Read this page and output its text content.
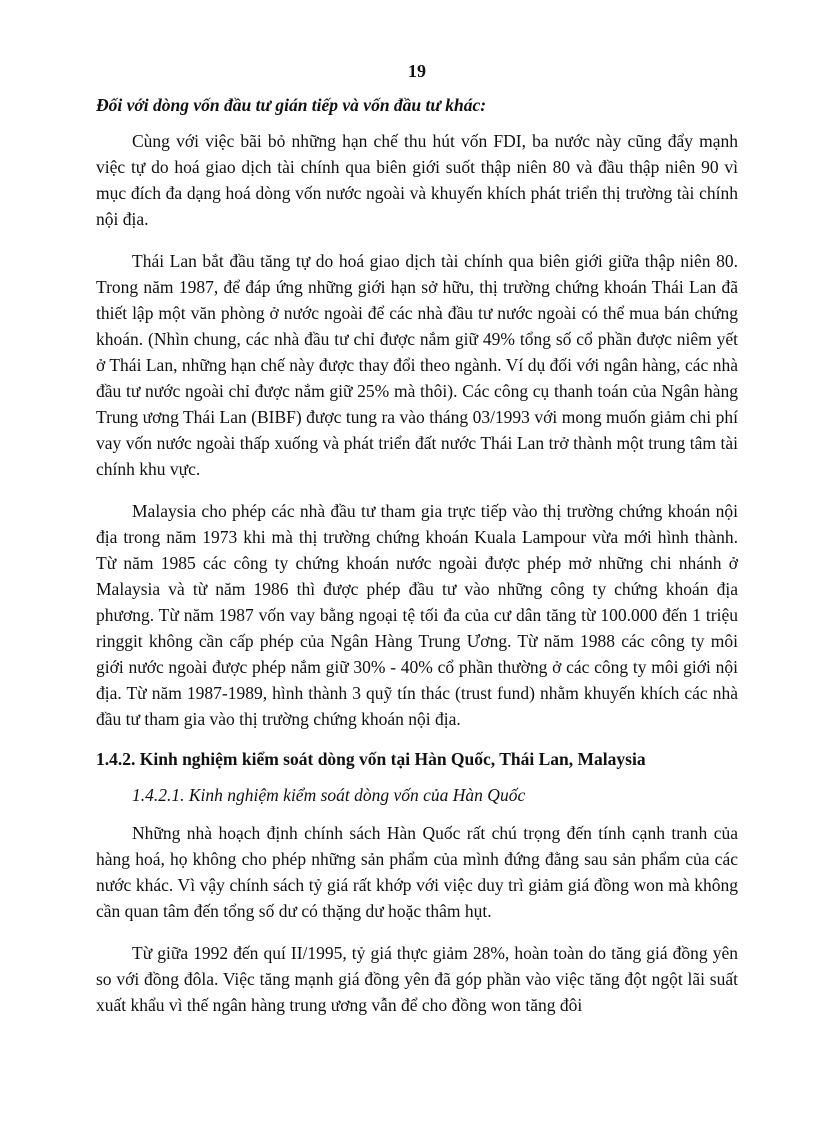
19
Đối với dòng vốn đầu tư gián tiếp và vốn đầu tư khác:

Cùng với việc bãi bỏ những hạn chế thu hút vốn FDI, ba nước này cũng đẩy mạnh việc tự do hoá giao dịch tài chính qua biên giới suốt thập niên 80 và đầu thập niên 90 vì mục đích đa dạng hoá dòng vốn nước ngoài và khuyến khích phát triển thị trường tài chính nội địa.

Thái Lan bắt đầu tăng tự do hoá giao dịch tài chính qua biên giới giữa thập niên 80. Trong năm 1987, để đáp ứng những giới hạn sở hữu, thị trường chứng khoán Thái Lan đã thiết lập một văn phòng ở nước ngoài để các nhà đầu tư nước ngoài có thể mua bán chứng khoán. (Nhìn chung, các nhà đầu tư chỉ được nắm giữ 49% tổng số cổ phần được niêm yết ở Thái Lan, những hạn chế này được thay đổi theo ngành. Ví dụ đối với ngân hàng, các nhà đầu tư nước ngoài chỉ được nắm giữ 25% mà thôi). Các công cụ thanh toán của Ngân hàng Trung ương Thái Lan (BIBF) được tung ra vào tháng 03/1993 với mong muốn giảm chi phí vay vốn nước ngoài thấp xuống và phát triển đất nước Thái Lan trở thành một trung tâm tài chính khu vực.

Malaysia cho phép các nhà đầu tư tham gia trực tiếp vào thị trường chứng khoán nội địa trong năm 1973 khi mà thị trường chứng khoán Kuala Lampour vừa mới hình thành. Từ năm 1985 các công ty chứng khoán nước ngoài được phép mở những chi nhánh ở Malaysia và từ năm 1986 thì được phép đầu tư vào những công ty chứng khoán địa phương. Từ năm 1987 vốn vay bằng ngoại tệ tối đa của cư dân tăng từ 100.000 đến 1 triệu ringgit không cần cấp phép của Ngân Hàng Trung Ương. Từ năm 1988 các công ty môi giới nước ngoài được phép nắm giữ 30% - 40% cổ phần thường ở các công ty môi giới nội địa. Từ năm 1987-1989, hình thành 3 quỹ tín thác (trust fund) nhằm khuyến khích các nhà đầu tư tham gia vào thị trường chứng khoán nội địa.

1.4.2. Kinh nghiệm kiểm soát dòng vốn tại Hàn Quốc, Thái Lan, Malaysia
1.4.2.1. Kinh nghiệm kiểm soát dòng vốn của Hàn Quốc

Những nhà hoạch định chính sách Hàn Quốc rất chú trọng đến tính cạnh tranh của hàng hoá, họ không cho phép những sản phẩm của mình đứng đằng sau sản phẩm của các nước khác. Vì vậy chính sách tỷ giá rất khớp với việc duy trì giảm giá đồng won mà không cần quan tâm đến tổng số dư có thặng dư hoặc thâm hụt.

Từ giữa 1992 đến quí II/1995, tỷ giá thực giảm 28%, hoàn toàn do tăng giá đồng yên so với đồng đôla. Việc tăng mạnh giá đồng yên đã góp phần vào việc tăng đột ngột lãi suất xuất khẩu vì thế ngân hàng trung ương vẫn để cho đồng won tăng đôi
